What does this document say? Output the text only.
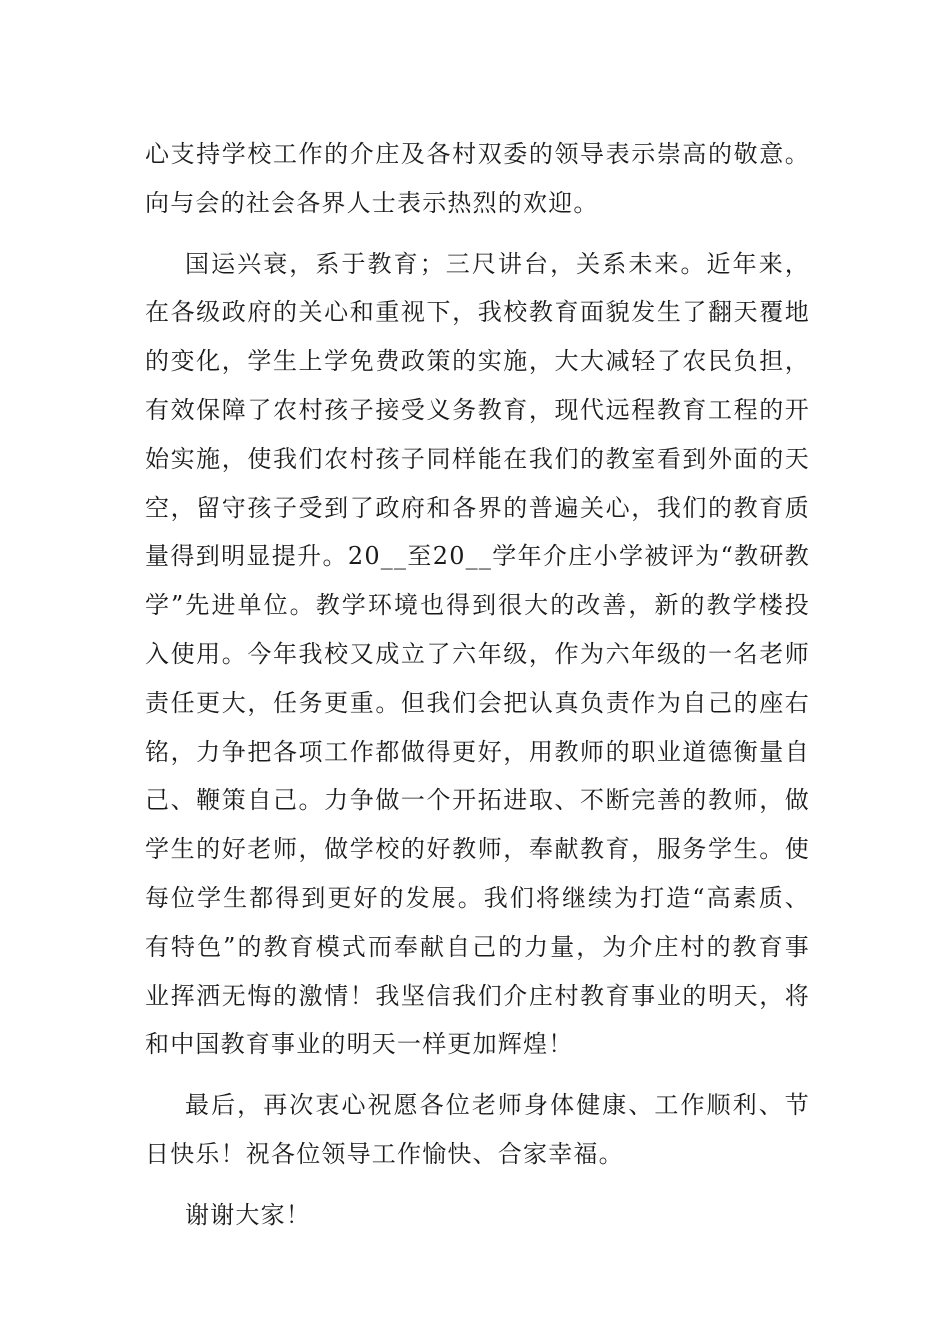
心支持学校工作的介庄及各村双委的领导表示崇高的敬意。向与会的社会各界人士表示热烈的欢迎。

国运兴衰，系于教育；三尺讲台，关系未来。近年来，在各级政府的关心和重视下，我校教育面貌发生了翻天覆地的变化，学生上学免费政策的实施，大大减轻了农民负担，有效保障了农村孩子接受义务教育，现代远程教育工程的开始实施，使我们农村孩子同样能在我们的教室看到外面的天空，留守孩子受到了政府和各界的普遍关心，我们的教育质量得到明显提升。20__至20__学年介庄小学被评为“教研教学”先进单位。教学环境也得到很大的改善，新的教学楼投入使用。今年我校又成立了六年级，作为六年级的一名老师责任更大，任务更重。但我们会把认真负责作为自己的座右铭，力争把各项工作都做得更好，用教师的职业道德衡量自己、鞭策自己。力争做一个开拓进取、不断完善的教师，做学生的好老师，做学校的好教师，奉献教育，服务学生。使每位学生都得到更好的发展。我们将继续为打造“高素质、有特色”的教育模式而奉献自己的力量，为介庄村的教育事业挥洒无悔的激情！我坚信我们介庄村教育事业的明天，将和中国教育事业的明天一样更加辉煌！

最后，再次衷心祝愿各位老师身体健康、工作顺利、节日快乐！祝各位领导工作愉快、合家幸福。

谢谢大家！
